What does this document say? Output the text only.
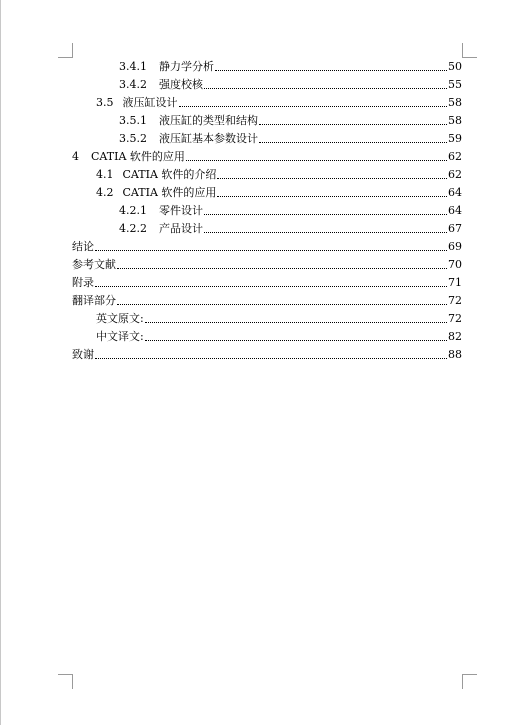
3.4.1 静力学分析	50
3.4.2 强度校核	55
3.5 液压缸设计	58
3.5.1 液压缸的类型和结构	58
3.5.2 液压缸基本参数设计	59
4 CATIA 软件的应用	62
4.1 CATIA 软件的介绍	62
4.2 CATIA 软件的应用	64
4.2.1 零件设计	64
4.2.2 产品设计	67
结论	69
参考文献	70
附录	71
翻译部分	72
英文原文:	72
中文译文:	82
致谢	88
